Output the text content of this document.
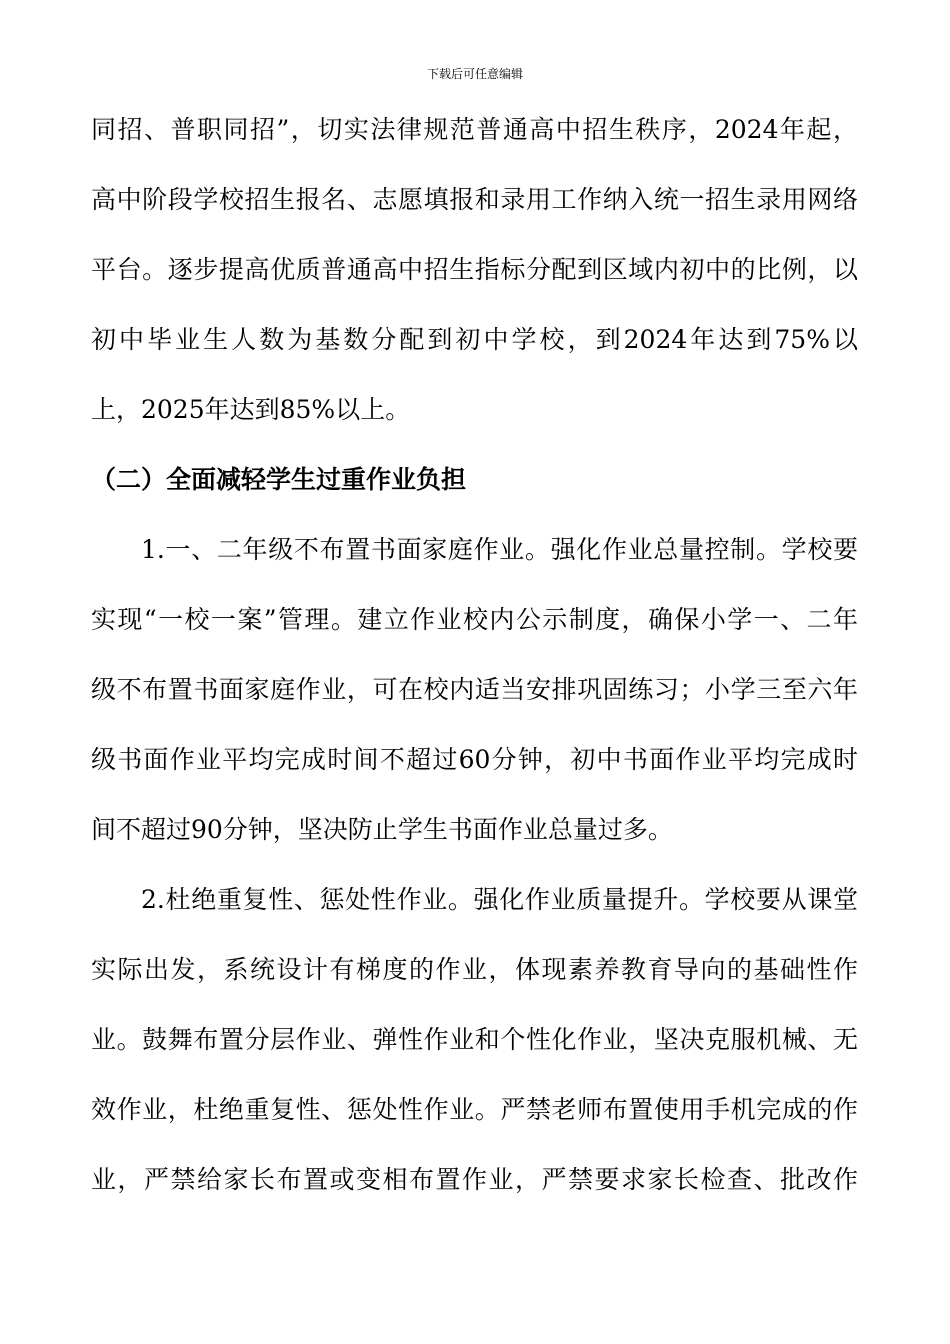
下载后可任意编辑
同招、普职同招”，切实法律规范普通高中招生秩序，2024年起，
高中阶段学校招生报名、志愿填报和录用工作纳入统一招生录用网络
平台。逐步提高优质普通高中招生指标分配到区域内初中的比例，以
初中毕业生人数为基数分配到初中学校，到2024年达到75%以
上，2025年达到85%以上。
（二）全面减轻学生过重作业负担
1.一、二年级不布置书面家庭作业。强化作业总量控制。学校要
实现“一校一案”管理。建立作业校内公示制度，确保小学一、二年
级不布置书面家庭作业，可在校内适当安排巩固练习；小学三至六年
级书面作业平均完成时间不超过60分钟，初中书面作业平均完成时
间不超过90分钟，坚决防止学生书面作业总量过多。
2.杜绝重复性、惩处性作业。强化作业质量提升。学校要从课堂
实际出发，系统设计有梯度的作业，体现素养教育导向的基础性作
业。鼓舞布置分层作业、弹性作业和个性化作业，坚决克服机械、无
效作业，杜绝重复性、惩处性作业。严禁老师布置使用手机完成的作
业，严禁给家长布置或变相布置作业，严禁要求家长检查、批改作
